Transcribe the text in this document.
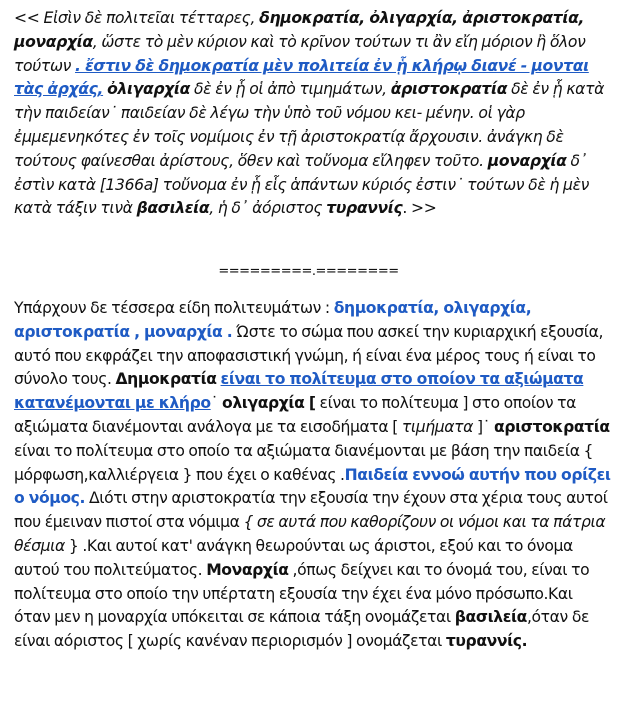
<< Εἰσὶν δὲ πολιτεῖαι τέτταρες, δημοκρατία, ὀλιγαρχία, ἀριστοκρατία, μοναρχία, ὥστε τὸ μὲν κύριον καὶ τὸ κρῖνον τούτων τι ἂν εἴη μόριον ἢ ὅλον τούτων . ἔστιν δὲ δημοκρατία μὲν πολιτεία ἐν ᾗ κλήρῳ διανέ - μονται τὰς ἀρχάς, ὀλιγαρχία δὲ ἐν ᾗ οἱ ἀπὸ τιμημάτων, ἀριστοκρατία δὲ ἐν ᾗ κατὰ τὴν παιδείαν˙ παιδείαν δὲ λέγω τὴν ὑπὸ τοῦ νόμου κει- μένην. οἱ γὰρ ἐμμεμενηκότες ἐν τοῖς νομίμοις ἐν τῇ ἀριστοκρατίᾳ ἄρχουσιν. ἀνάγκη δὲ τούτους φαίνεσθαι ἀρίστους, ὅθεν καὶ τοὔνομα εἴληφεν τοῦτο. μοναρχία δ᾽ ἐστὶν κατὰ [1366a] τοὔνομα ἐν ᾗ εἷς ἁπάντων κύριός ἐστιν˙ τούτων δὲ ἡ μὲν κατὰ τάξιν τινὰ βασιλεία, ἡ δ᾽ ἀόριστος τυραννίς. >>

=========.========

Υπάρχουν δε τέσσερα είδη πολιτευμάτων : δημοκρατία, ολιγαρχία, αριστοκρατία , μοναρχία . Ώστε το σώμα που ασκεί την κυριαρχική εξουσία, αυτό που εκφράζει την αποφασιστική γνώμη, ή είναι ένα μέρος τους ή είναι το σύνολο τους. Δημοκρατία είναι το πολίτευμα στο οποίον τα αξιώματα κατανέμονται με κλήρο˙ ολιγαρχία [ είναι το πολίτευμα ] στο οποίον τα αξιώματα διανέμονται ανάλογα με τα εισοδήματα [ τιμήματα ]˙ αριστοκρατία είναι το πολίτευμα στο οποίο τα αξιώματα διανέμονται με βάση την παιδεία { μόρφωση,καλλιέργεια } που έχει ο καθένας .Παιδεία εννοώ αυτήν που ορίζει ο νόμος. Διότι στην αριστοκρατία την εξουσία την έχουν στα χέρια τους αυτοί που έμειναν πιστοί στα νόμιμα { σε αυτά που καθορίζουν οι νόμοι και τα πάτρια θέσμια } .Και αυτοί κατ' ανάγκη θεωρούνται ως άριστοι, εξού και το όνομα αυτού του πολιτεύματος. Μοναρχία ,όπως δείχνει και το όνομά του, είναι το πολίτευμα στο οποίο την υπέρτατη εξουσία την έχει ένα μόνο πρόσωπο.Και όταν μεν η μοναρχία υπόκειται σε κάποια τάξη ονομάζεται βασιλεία,όταν δε είναι αόριστος [ χωρίς κανέναν περιορισμόν ] ονομάζεται τυραννίς.
